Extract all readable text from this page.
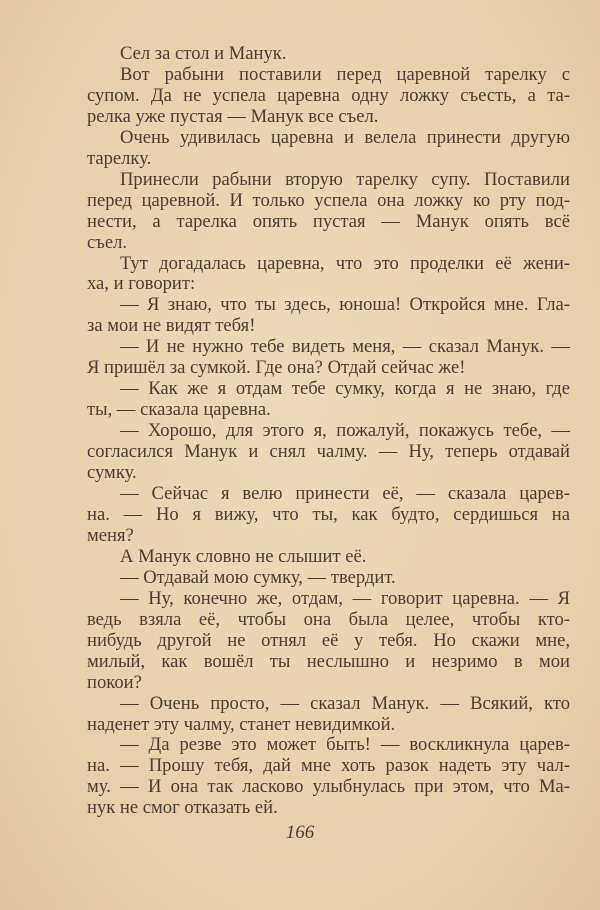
Сел за стол и Манук.
Вот рабыни поставили перед царевной тарелку с
супом. Да не успела царевна одну ложку съесть, а та-
релка уже пустая — Манук все съел.
Очень удивилась царевна и велела принести другую
тарелку.
Принесли рабыни вторую тарелку супу. Поставили
перед царевной. И только успела она ложку ко рту под-
нести, а тарелка опять пустая — Манук опять всё
съел.
Тут догадалась царевна, что это проделки её жени-
ха, и говорит:
— Я знаю, что ты здесь, юноша! Откройся мне. Гла-
за мои не видят тебя!
— И не нужно тебе видеть меня, — сказал Манук. —
Я пришёл за сумкой. Где она? Отдай сейчас же!
— Как же я отдам тебе сумку, когда я не знаю, где
ты, — сказала царевна.
— Хорошо, для этого я, пожалуй, покажусь тебе, —
согласился Манук и снял чалму. — Ну, теперь отдавай
сумку.
— Сейчас я велю принести её, — сказала царев-
на. — Но я вижу, что ты, как будто, сердишься на
меня?
А Манук словно не слышит её.
— Отдавай мою сумку, — твердит.
— Ну, конечно же, отдам, — говорит царевна. — Я
ведь взяла её, чтобы она была целее, чтобы кто-
нибудь другой не отнял её у тебя. Но скажи мне,
милый, как вошёл ты неслышно и незримо в мои
покои?
— Очень просто, — сказал Манук. — Всякий, кто
наденет эту чалму, станет невидимкой.
— Да резве это может быть! — воскликнула царев-
на. — Прошу тебя, дай мне хоть разок надеть эту чал-
му. — И она так ласково улыбнулась при этом, что Ма-
нук не смог отказать ей.
166
